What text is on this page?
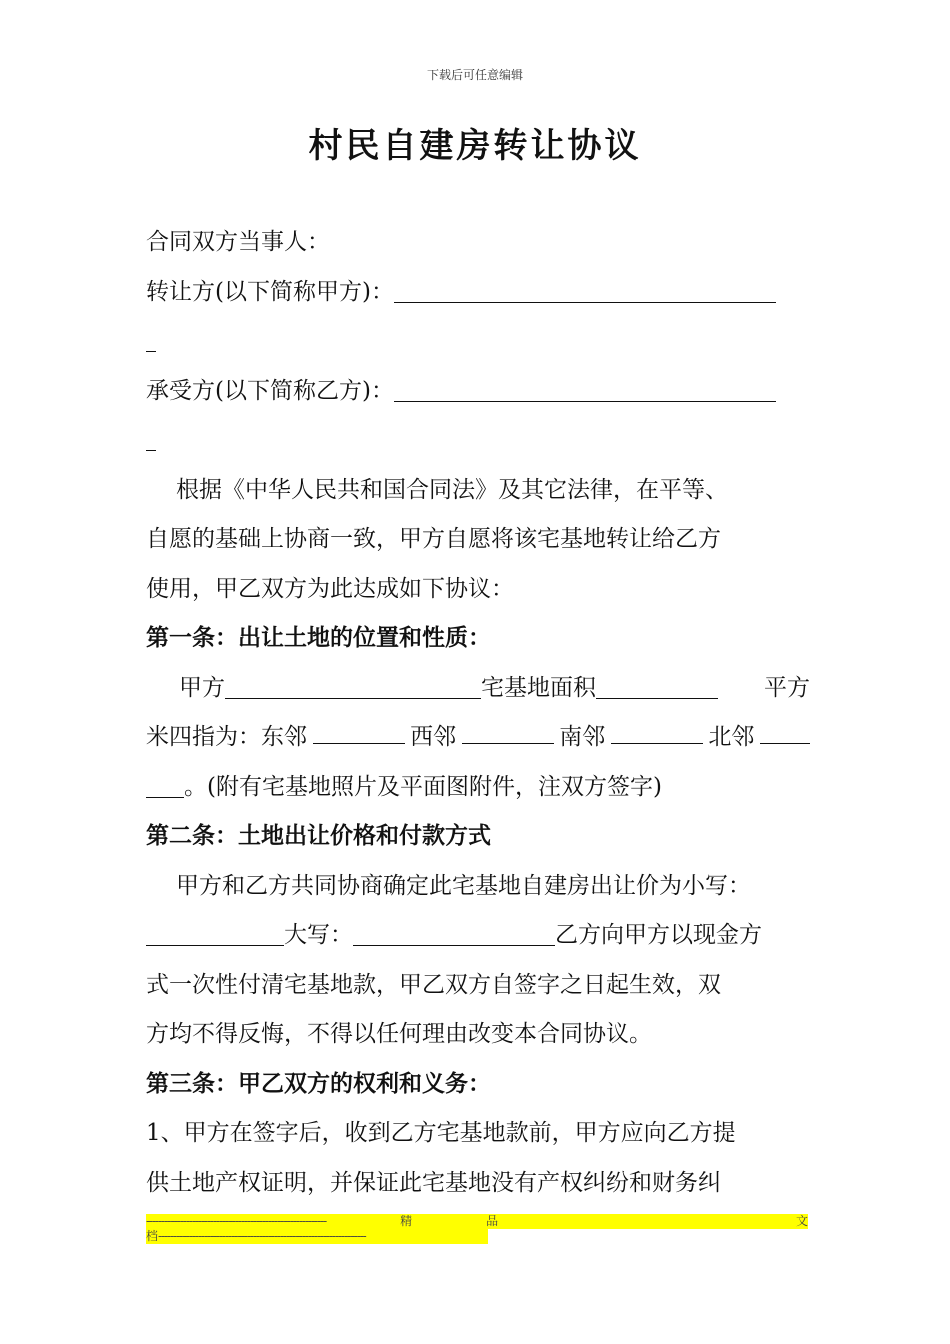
下载后可任意编辑
村民自建房转让协议
合同双方当事人：
转让方(以下简称甲方)：
承受方(以下简称乙方)：
根据《中华人民共和国合同法》及其它法律，在平等、
自愿的基础上协商一致，甲方自愿将该宅基地转让给乙方
使用，甲乙双方为此达成如下协议：
第一条：出让土地的位置和性质：
甲方	宅基地面积	平方
米四指为：东邻	西邻	南邻	北邻
。(附有宅基地照片及平面图附件，注双方签字)
第二条：土地出让价格和付款方式
甲方和乙方共同协商确定此宅基地自建房出让价为小写：
大写：	乙方向甲方以现金方
式一次性付清宅基地款，甲乙双方自签字之日起生效，双
方均不得反悔，不得以任何理由改变本合同协议。
第三条：甲乙双方的权利和义务：
1、甲方在签字后，收到乙方宅基地款前，甲方应向乙方提
供土地产权证明，并保证此宅基地没有产权纠纷和财务纠
-----------------------------------------------------------	精	品	文
档--------------------------------------------------------------------
